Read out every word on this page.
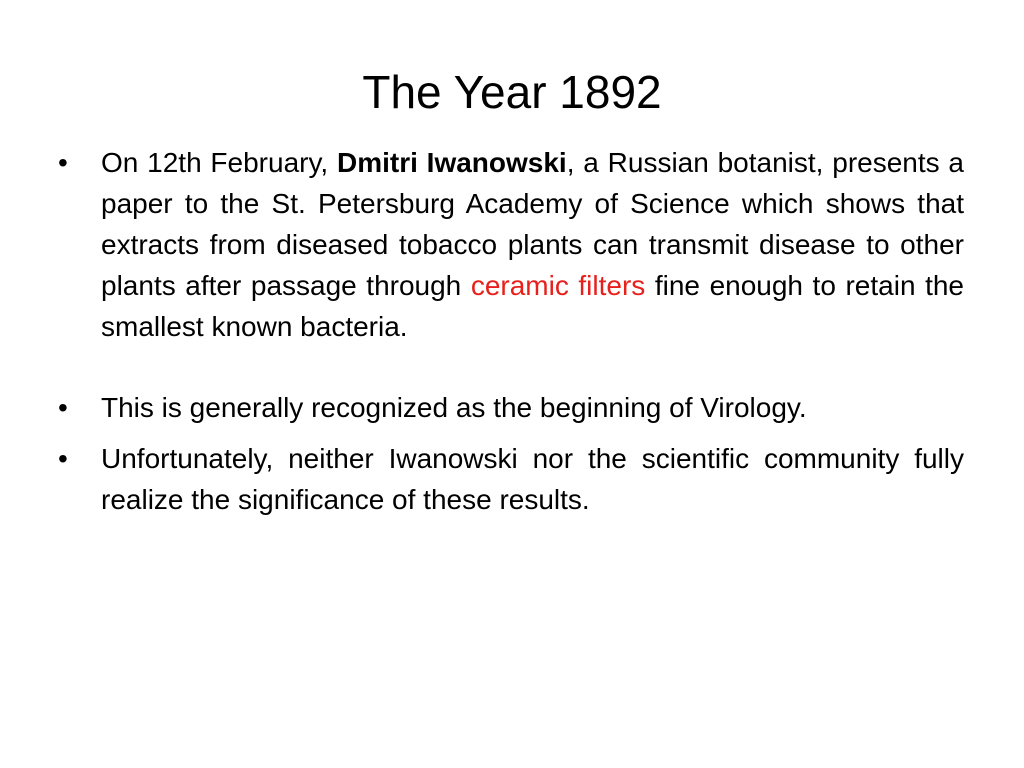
The Year 1892
•	On 12th February, Dmitri Iwanowski, a Russian botanist, presents a paper to the St. Petersburg Academy of Science which shows that extracts from diseased tobacco plants can transmit disease to other plants after passage through ceramic filters fine enough to retain the smallest known bacteria.
•	This is generally recognized as the beginning of Virology.
•	Unfortunately, neither Iwanowski nor the scientific community fully realize the significance of these results.
